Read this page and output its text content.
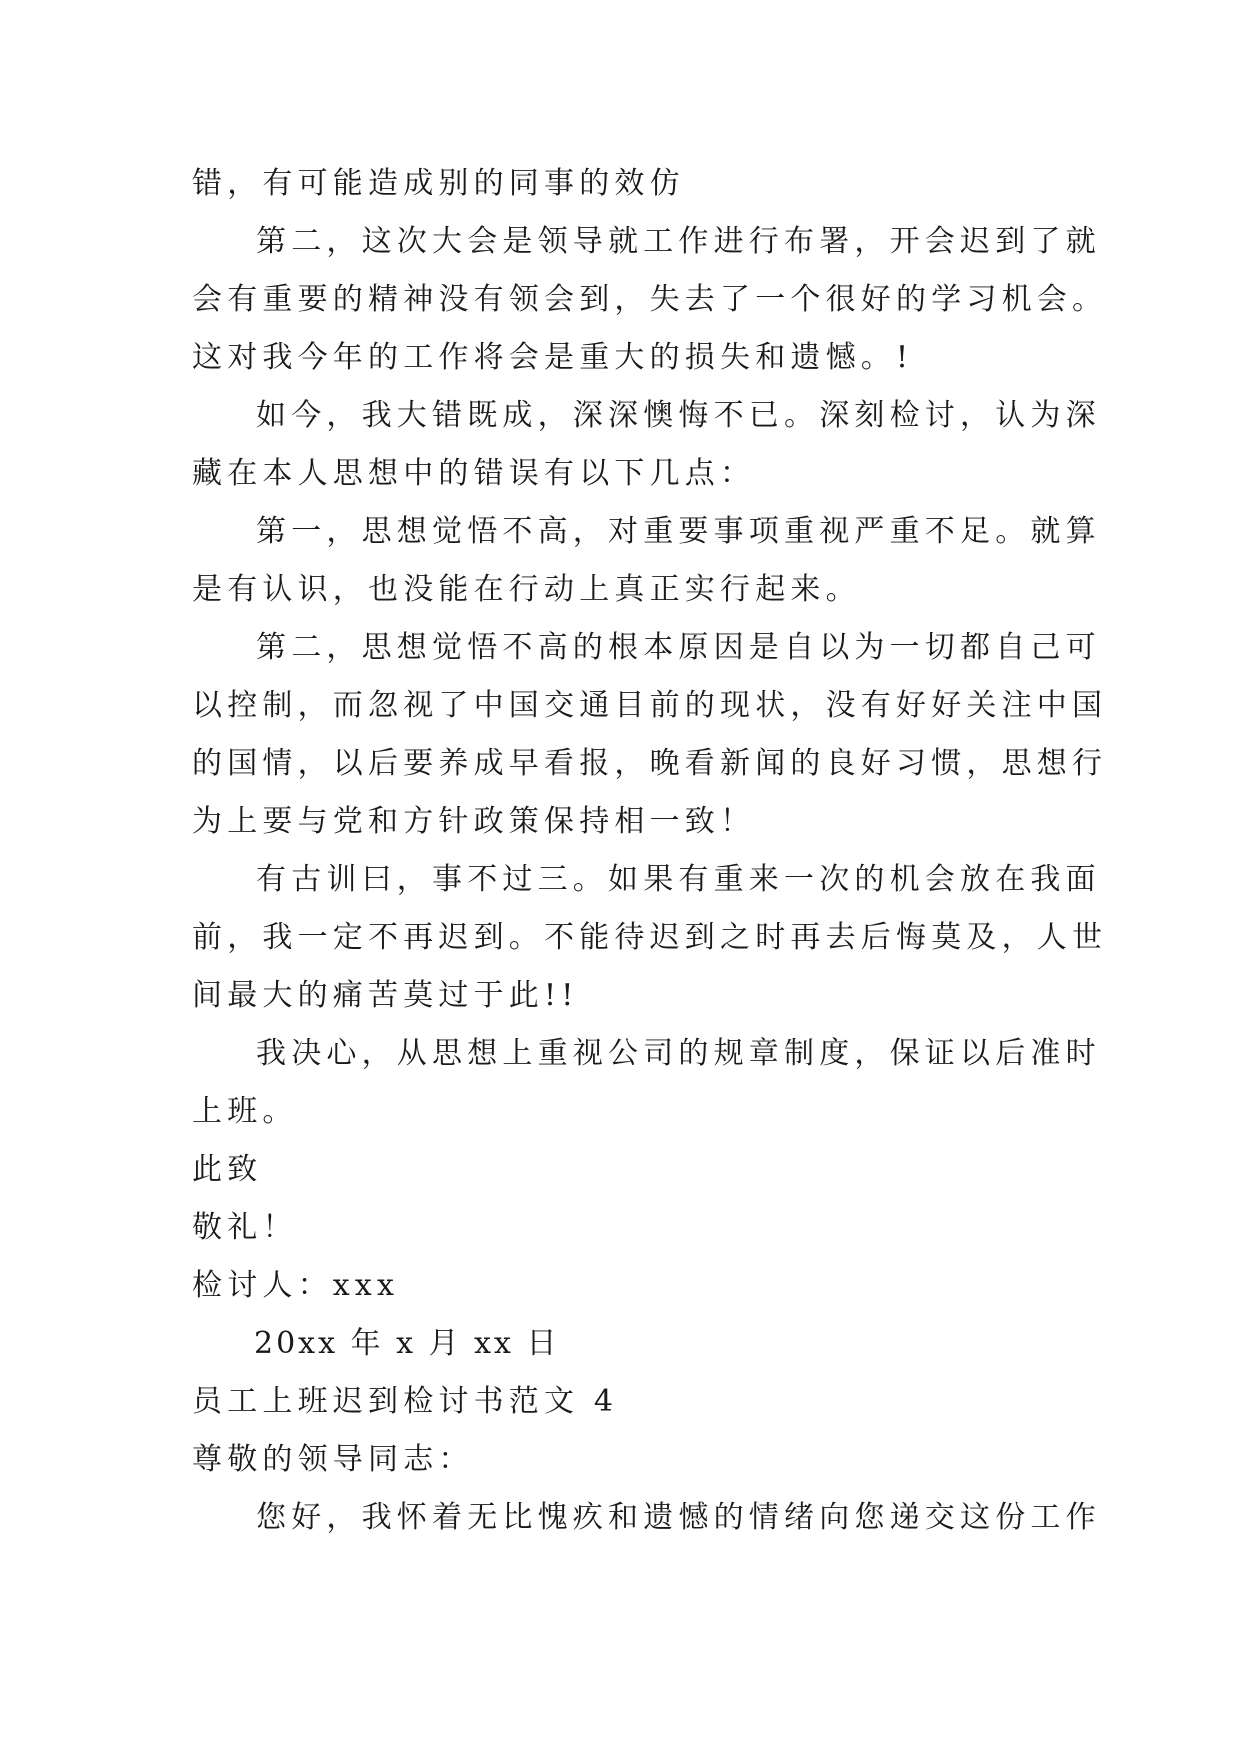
错，有可能造成别的同事的效仿
第二，这次大会是领导就工作进行布署，开会迟到了就
会有重要的精神没有领会到，失去了一个很好的学习机会。
这对我今年的工作将会是重大的损失和遗憾。!
如今，我大错既成，深深懊悔不已。深刻检讨，认为深
藏在本人思想中的错误有以下几点：
第一，思想觉悟不高，对重要事项重视严重不足。就算
是有认识，也没能在行动上真正实行起来。
第二，思想觉悟不高的根本原因是自以为一切都自己可
以控制，而忽视了中国交通目前的现状，没有好好关注中国
的国情，以后要养成早看报，晚看新闻的良好习惯，思想行
为上要与党和方针政策保持相一致！
有古训曰，事不过三。如果有重来一次的机会放在我面
前，我一定不再迟到。不能待迟到之时再去后悔莫及，人世
间最大的痛苦莫过于此!!
我决心，从思想上重视公司的规章制度，保证以后准时
上班。
此致
敬礼！
检讨人：xxx
20xx 年 x 月 xx 日
员工上班迟到检讨书范文 4
尊敬的领导同志：
您好，我怀着无比愧疚和遗憾的情绪向您递交这份工作
